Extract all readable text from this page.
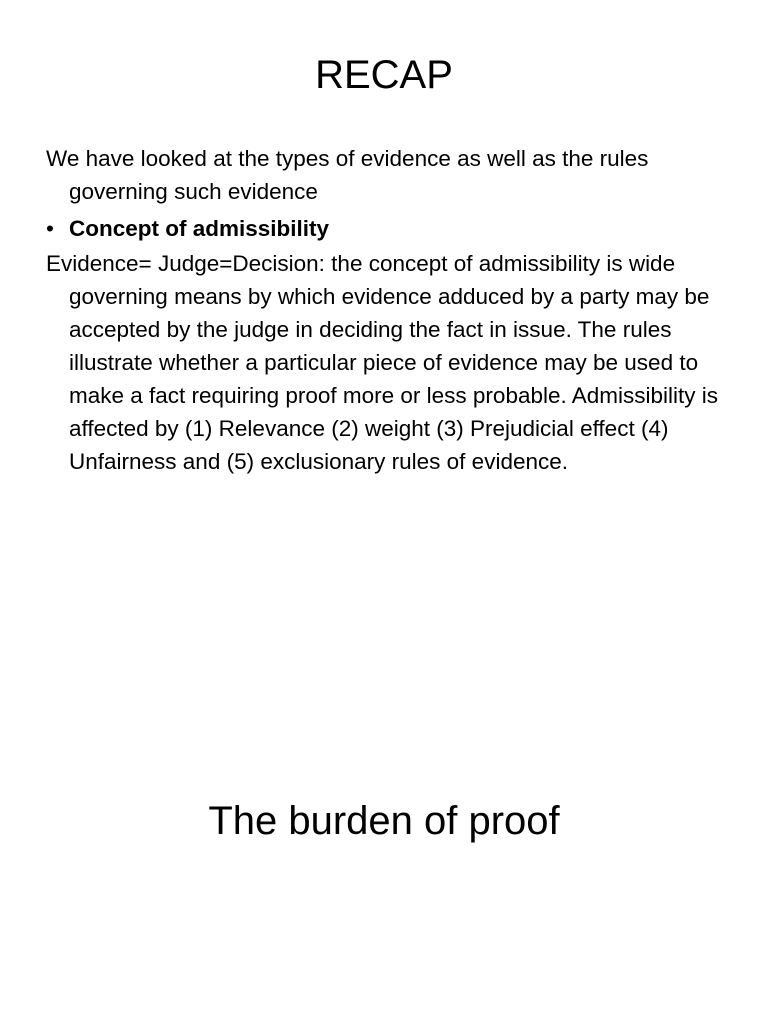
RECAP

We have looked at the types of evidence as well as the rules governing such evidence

• Concept of admissibility

Evidence= Judge=Decision: the concept of admissibility is wide governing means by which evidence adduced by a party may be accepted by the judge in deciding the fact in issue. The rules illustrate whether a particular piece of evidence may be used to make a fact requiring proof more or less probable. Admissibility is affected by (1) Relevance (2) weight (3) Prejudicial effect (4) Unfairness and (5) exclusionary rules of evidence.

The burden of proof
